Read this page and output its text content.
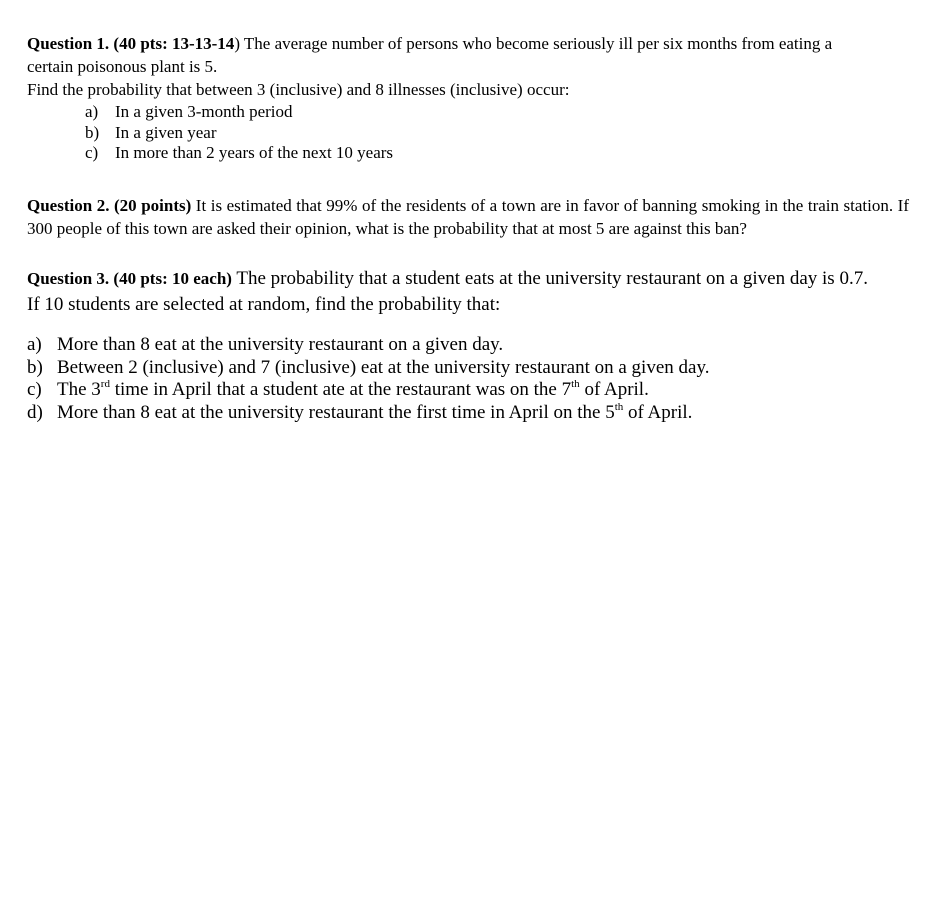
Question 1. (40 pts: 13-13-14) The average number of persons who become seriously ill per six months from eating a
certain poisonous plant is 5.
Find the probability that between 3 (inclusive) and 8 illnesses (inclusive) occur:
a) In a given 3-month period
b) In a given year
c) In more than 2 years of the next 10 years

Question 2. (20 points) It is estimated that 99% of the residents of a town are in favor of banning smoking in the train station. If 300 people of this town are asked their opinion, what is the probability that at most 5 are against this ban?

Question 3. (40 pts: 10 each) The probability that a student eats at the university restaurant on a given day is 0.7.
If 10 students are selected at random, find the probability that:
a) More than 8 eat at the university restaurant on a given day.
b) Between 2 (inclusive) and 7 (inclusive) eat at the university restaurant on a given day.
c) The 3rd time in April that a student ate at the restaurant was on the 7th of April.
d) More than 8 eat at the university restaurant the first time in April on the 5th of April.
